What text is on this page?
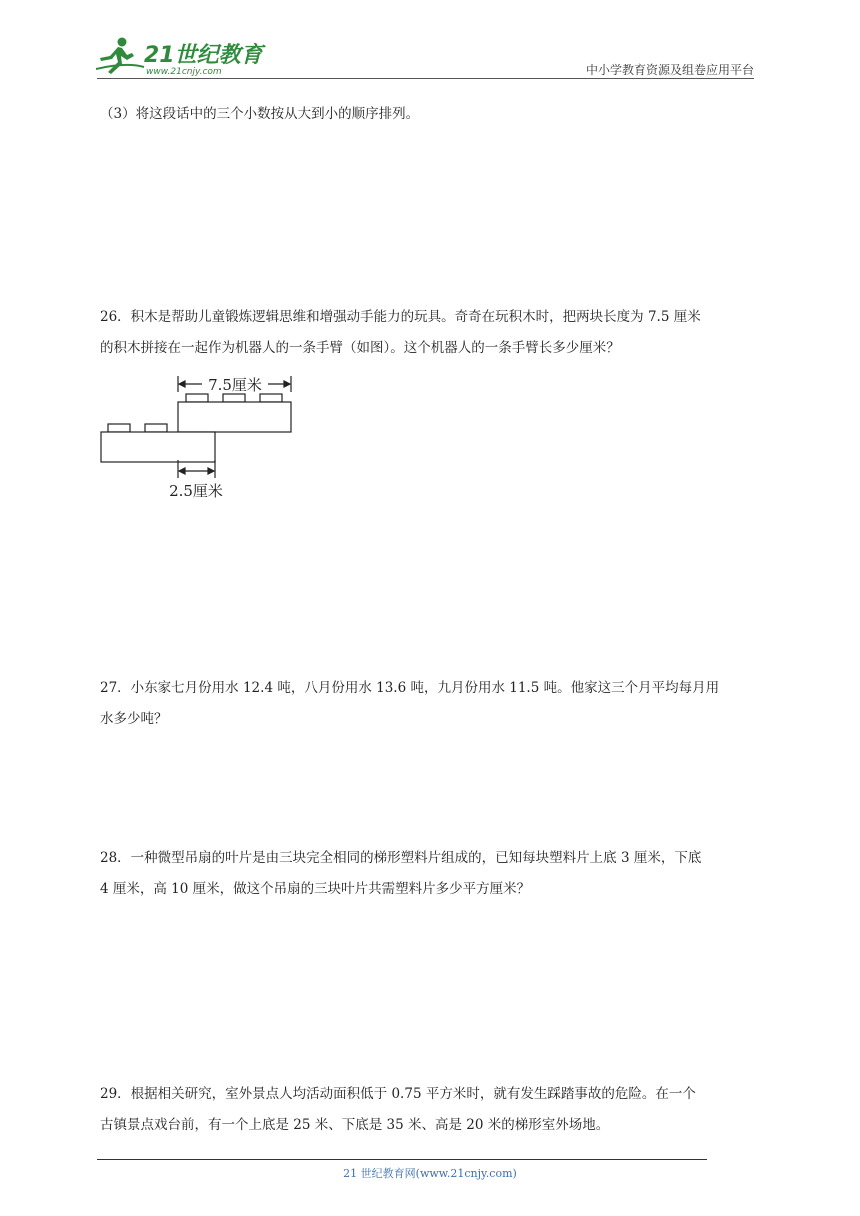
21世纪教育
www.21cnjy.com	中小学教育资源及组卷应用平台
（3）将这段话中的三个小数按从大到小的顺序排列。
26．积木是帮助儿童锻炼逻辑思维和增强动手能力的玩具。奇奇在玩积木时，把两块长度为 7.5 厘米
的积木拼接在一起作为机器人的一条手臂（如图）。这个机器人的一条手臂长多少厘米？
7.5厘米
2.5厘米
27．小东家七月份用水 12.4 吨，八月份用水 13.6 吨，九月份用水 11.5 吨。他家这三个月平均每月用
水多少吨？
28．一种微型吊扇的叶片是由三块完全相同的梯形塑料片组成的，已知每块塑料片上底 3 厘米，下底
4 厘米，高 10 厘米，做这个吊扇的三块叶片共需塑料片多少平方厘米？
29．根据相关研究，室外景点人均活动面积低于 0.75 平方米时，就有发生踩踏事故的危险。在一个
古镇景点戏台前，有一个上底是 25 米、下底是 35 米、高是 20 米的梯形室外场地。
21 世纪教育网(www.21cnjy.com)
